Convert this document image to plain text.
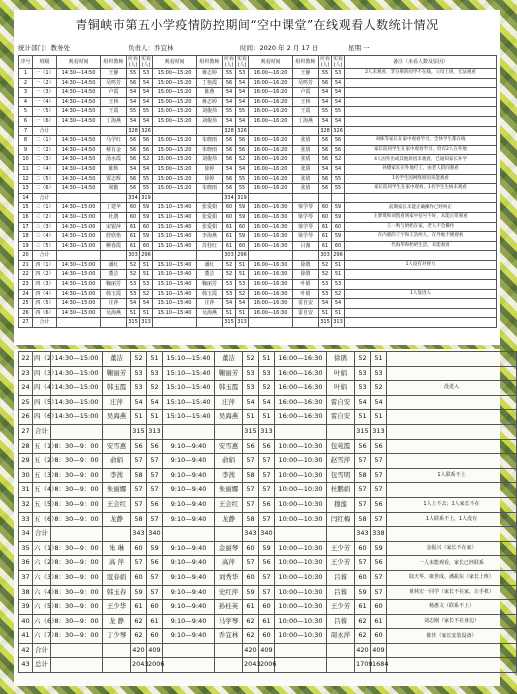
青铜峡市第五小学疫情防控期间“空中课堂”在线观看人数统计情况
统计部门：教务处	负责人：乔宜林	时间：2020 年 2 月 17 日	星期 一
序号	班级	观看时间	组织教师	应看(人)	实看(人)	观看时间	组织教师	应看(人)	实看(人)	观看时间	组织教师	应看(人)	实看(人)	备注（未看人数及原因）
1	一（1）	14:30—14:50	王静	55	53	15:00—15:20	蒋志婷	55	53	16:00—16:20	王静	55	53	2人未观看，非分班的同学不在线。父母上班，无法观看
2	一（2）	14:30—14:50	吴鸣芳	56	54	15:00—15:20	丁艳霞	56	54	16:00—16:20	吴鸣芳	56	54	
3	一（3）	14:30—14:50	卢霞	54	54	15:00—15:20	陈燕	54	54	16:00—16:20	卢霞	54	54	
4	一（4）	14:30—14:50	王林	54	54	15:00—15:20	蒋志婷	54	54	16:00—16:20	王林	54	54	
5	一（5）	14:30—14:50	王霞	55	55	15:00—15:20	刘俊伟	55	55	16:00—16:20	王霞	55	55	
6	一（6）	14:30—14:50	丁海燕	54	54	15:00—15:20	刘俊伟	54	54	16:00—16:20	丁海燕	54	54	
7	合计			328	326			328	326			328	326	
8	二（1）	14:30—14:50	马学红	56	56	15:00—15:20	朱晓雨	56	56	16:00—16:20	张倩	56	56	刘栋等家长在家中观看学习，全体学生都在线
9	二（2）	14:30—14:50	蔡有金	56	56	15:00—15:20	朱晓雨	56	56	16:00—16:20	张倩	56	56	家长陪同学生在家中观看学习，但有2人在外地
10	二（3）	14:30—14:50	汤水霞	56	52	15:00—15:20	刘俊伟	56	52	16:00—16:20	张倩	56	52	4人因外出或其他原因未观看，已通知家长补学
11	二（4）	14:30—14:50	陈辉	54	54	15:00—15:20	徐婷	54	54	16:00—16:20	张倩	54	54	孙德家长在外地打工，由老人陪同观看
12	二（5）	14:30—14:50	贾志辉	56	55	15:00—15:20	徐婷	56	55	16:00—16:20	张倩	56	55	1名学生因网络原因未能观看
13	二（6）	14:30—14:50	梁勤	56	55	15:00—15:20	朱晓雨	56	55	16:00—16:20	张倩	56	55	家长陪同学生在家中观看，1名学生生病未观看
14	合计			334	319			334	319					
15	三（1）	14:30—15:00	丁建苹	60	59	15:10—15:40	张爱娟	60	59	16:00—16:30	梁学琴	60	59	前期家长未能正确操作已经纠正
16	三（2）	14:30—15:00	杜鹃	60	59	15:10—15:40	张爱娟	60	59	16:00—16:30	梁学琴	60	59	王梦琪和刘凯看到家中信号不好，未能正常观看
17	三（3）	14:30—15:00	宋银萍	61	60	15:10—15:40	张爱娟	61	60	16:00—16:30	梁学琴	61	60	王一鸣与奶奶在家，老人不会操作
18	三（4）	14:30—15:00	舒欣艳	61	59	15:10—15:40	李海燕	61	59	16:00—16:30	梁学琴	61	59	在内蒙的丁宇和王浩两人，在外地不便观看
19	三（5）	14:30—15:00	柳春霞	61	60	15:10—15:40	苏桂红	61	60	16:00—16:30	吕薇	61	60	代海华和奶奶生活，未能观看
20	合计			303	296			303	296			303	296	
21	四（1）	14:30—15:00	潘红	52	51	15:10—15:40	潘红	52	51	16:00—16:30	徐鹃	52	51	1人没有对视力
22	四（2）	14:30—15:00	董洁	52	51	15:10—15:40	董洁	52	51	16:00—16:30	徐鹃	52	51	
23	四（3）	14:30—15:00	鞠丽芳	53	53	15:10—15:40	鞠丽芳	53	53	16:00—16:30	叶娟	53	53	
24	四（4）	14:30—15:00	韩玉霞	53	52	15:10—15:40	韩玉霞	53	52	16:00—16:30	叶娟	53	52	1人没进入
25	四（5）	14:30—15:00	庄萍	54	54	15:10—15:40	庄萍	54	54	16:00—16:30	雷自安	54	54	
26	四（6）	14:30—15:00	吴海燕	51	51	15:10—15:40	吴海燕	51	51	16:00—16:30	雷自安	51	51	
27	合计			315	313			315	313			315	313	
22	四（2）	14:30—15:00	董洁	52	51	15:10—15:40	董洁	52	51	16:00—16:30	徐鹃	52	51	
23	四（3）	14:30—15:00	鞠丽芳	53	53	15:10—15:40	鞠丽芳	53	53	16:00—16:30	叶娟	53	53	
24	四（4）	14:30—15:00	韩玉霞	53	52	15:10—15:40	韩玉霞	53	52	16:00—16:30	叶娟	53	52	没进入
25	四（5）	14:30—15:00	庄萍	54	54	15:10—15:40	庄萍	54	54	16:00—16:30	雷自安	54	54	
26	四（6）	14:30—15:00	吴海燕	51	51	15:10—15:40	吴海燕	51	51	16:00—16:30	雷自安	51	51	
27	合计			315	313			315	313			315	313	
28	五（1）	8：30—9：00	安雪惠	56	56	9:10—9:40	安雪惠	56	56	10:00—10:30	包苑霞	56	56	
29	五（2）	8：30—9：00	俞娟	57	57	9:10—9:40	俞娟	57	57	10:00—10:30	赵雪萍	57	57	
30	五（3）	8：30—9：00	李茜	58	57	9:10—9:40	李茜	58	57	10:00—10:30	包雪明	58	57	1人联系不上
31	五（4）	8：30—9：00	朱丽娜	57	57	9:10—9:40	朱丽娜	57	57	10:00—10:30	杜鹏娟	57	57	
32	五（5）	8：30—9：00	王会红	57	56	9:10—9:40	王会红	57	56	10:00—10:30	穆莲	57	56	1人上不去；1人家长不在
33	五（6）	8：30—9：00	龙静	58	57	9:10—9:40	龙静	58	57	10:00—10:30	闫红梅	58	57	1人联系不上，1人没有
34	合计			343	340			343	340			343	338	
35	六（1）	8：30—9：00	朱 琳	60	59	9:10—9:40	金丽琴	60	59	10:00—10:30	王少芳	60	59	金振兴（家长不在家）
36	六（2）	8：30—9：00	高 萍	57	56	9:10—9:40	高萍	57	56	10:00—10:30	王少芳	57	56	一人未能观看，家长已经联系
37	六（3）	8：30—9：00	寇春娟	60	57	9:10—9:40	刘秀华	60	57	10:00—10:30	吕蓉	60	57	陆天华、康世成、潘振东（家长上班）
38	六（4）	8：30—9：00	韩玉春	59	57	9:10—9:40	史红萍	59	57	10:00—10:30	吕蓉	59	57	黄林宏一同学（家长不在家，让手机）
39	六（5）	8：30—9：00	王少华	61	60	9:10—9:40	孙桂英	61	60	10:00—10:30	王少芳	61	60	杨惠文（联系不上）
40	六（6）	8：30—9：00	龙 静	62	61	9:10—9:40	马学琴	62	61	10:00—10:30	吕蓉	62	61	刘志刚（家长不在身边）
41	六（7）	8：30—9：00	丁少琴	62	60	9:10—9:40	乔宜林	62	60	10:00—10:30	周永萍	62	60	陈佳（家长安装设备）
42	合计			420	409			420	409			420	409	
43	总计			2043	2006			2043	2006			1709	1684	
